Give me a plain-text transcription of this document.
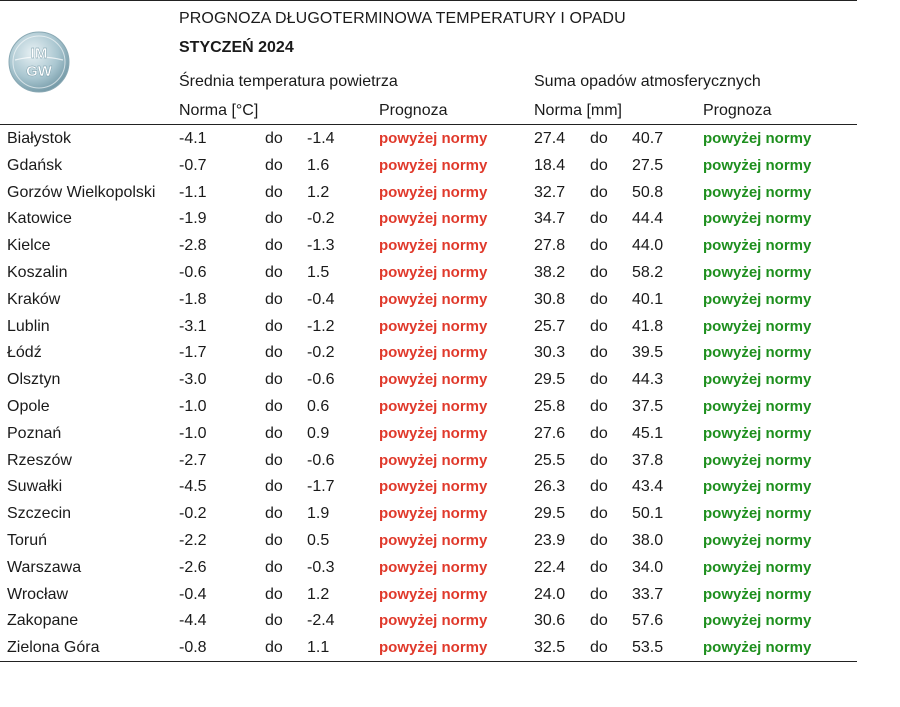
IM
GW
PROGNOZA DŁUGOTERMINOWA TEMPERATURY I OPADU
STYCZEŃ 2024
Średnia temperatura powietrza	Suma opadów atmosferycznych
Norma [°C]	Prognoza	Norma [mm]	Prognoza
Białystok	-4.1	do -1.4	powyżej normy	27.4 do 40.7	powyżej normy
Gdańsk	-0.7	do 1.6	powyżej normy	18.4 do 27.5	powyżej normy
Gorzów Wielkopolski -1.1	do 1.2	powyżej normy	32.7 do 50.8	powyżej normy
Katowice	-1.9	do -0.2	powyżej normy	34.7 do 44.4	powyżej normy
Kielce	-2.8	do -1.3	powyżej normy	27.8 do 44.0	powyżej normy
Koszalin	-0.6	do 1.5	powyżej normy	38.2 do 58.2	powyżej normy
Kraków	-1.8	do -0.4	powyżej normy	30.8 do 40.1	powyżej normy
Lublin	-3.1	do -1.2	powyżej normy	25.7 do 41.8	powyżej normy
Łódź	-1.7	do -0.2	powyżej normy	30.3 do 39.5	powyżej normy
Olsztyn	-3.0	do -0.6	powyżej normy	29.5 do 44.3	powyżej normy
Opole	-1.0	do 0.6	powyżej normy	25.8 do 37.5	powyżej normy
Poznań	-1.0	do 0.9	powyżej normy	27.6 do 45.1	powyżej normy
Rzeszów	-2.7	do -0.6	powyżej normy	25.5 do 37.8	powyżej normy
Suwałki	-4.5	do -1.7	powyżej normy	26.3 do 43.4	powyżej normy
Szczecin	-0.2	do 1.9	powyżej normy	29.5 do 50.1	powyżej normy
Toruń	-2.2	do 0.5	powyżej normy	23.9 do 38.0	powyżej normy
Warszawa	-2.6	do -0.3	powyżej normy	22.4 do 34.0	powyżej normy
Wrocław	-0.4	do 1.2	powyżej normy	24.0 do 33.7	powyżej normy
Zakopane	-4.4	do -2.4	powyżej normy	30.6 do 57.6	powyżej normy
Zielona Góra	-0.8	do 1.1	powyżej normy	32.5 do 53.5	powyżej normy
